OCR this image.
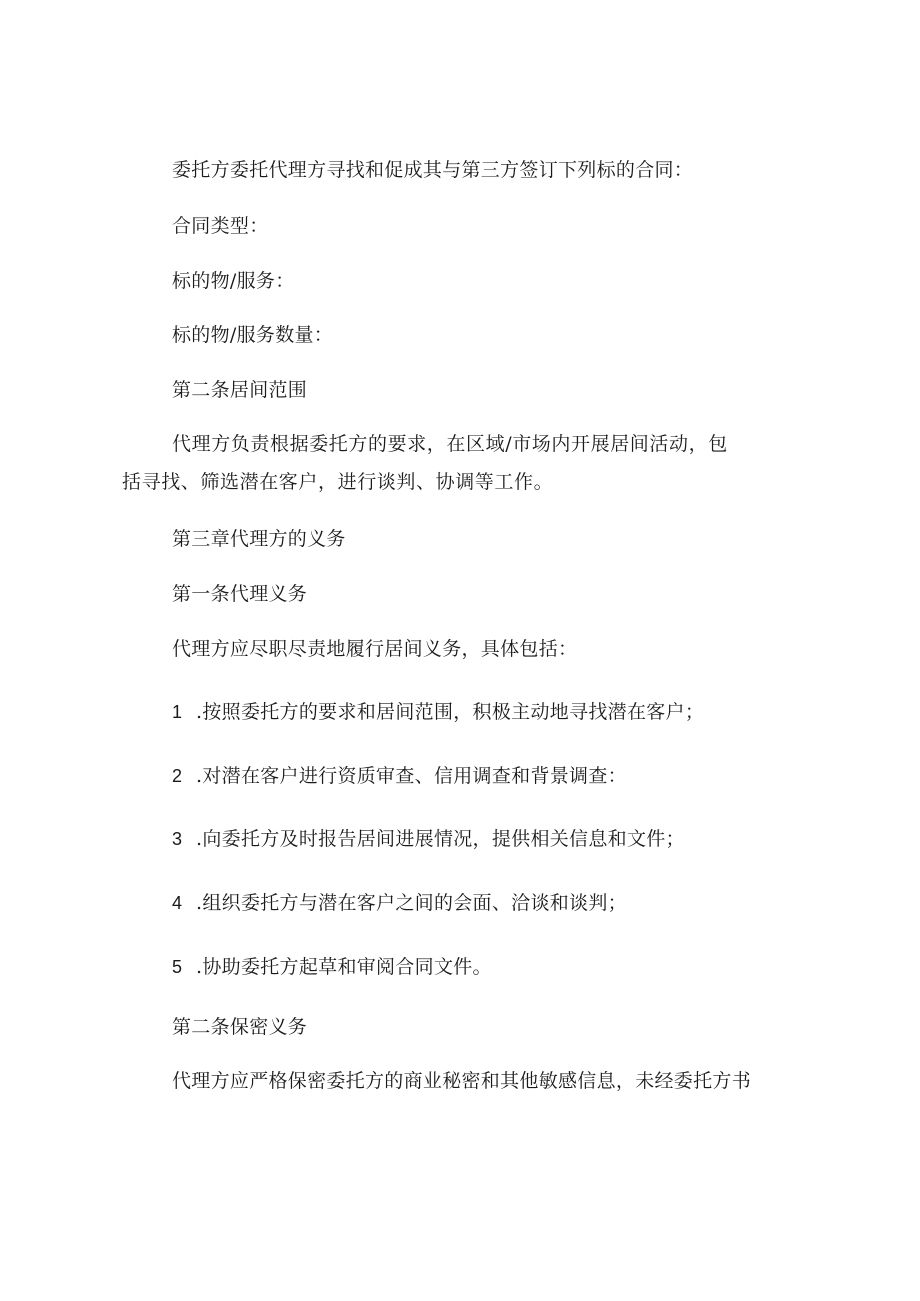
委托方委托代理方寻找和促成其与第三方签订下列标的合同：
合同类型：
标的物/服务：
标的物/服务数量：
第二条居间范围
代理方负责根据委托方的要求，在区域/市场内开展居间活动，包括寻找、筛选潜在客户，进行谈判、协调等工作。
第三章代理方的义务
第一条代理义务
代理方应尽职尽责地履行居间义务，具体包括：
1 .按照委托方的要求和居间范围，积极主动地寻找潜在客户；
2 .对潜在客户进行资质审查、信用调查和背景调查：
3 .向委托方及时报告居间进展情况，提供相关信息和文件；
4 .组织委托方与潜在客户之间的会面、洽谈和谈判；
5 .协助委托方起草和审阅合同文件。
第二条保密义务
代理方应严格保密委托方的商业秘密和其他敏感信息，未经委托方书
